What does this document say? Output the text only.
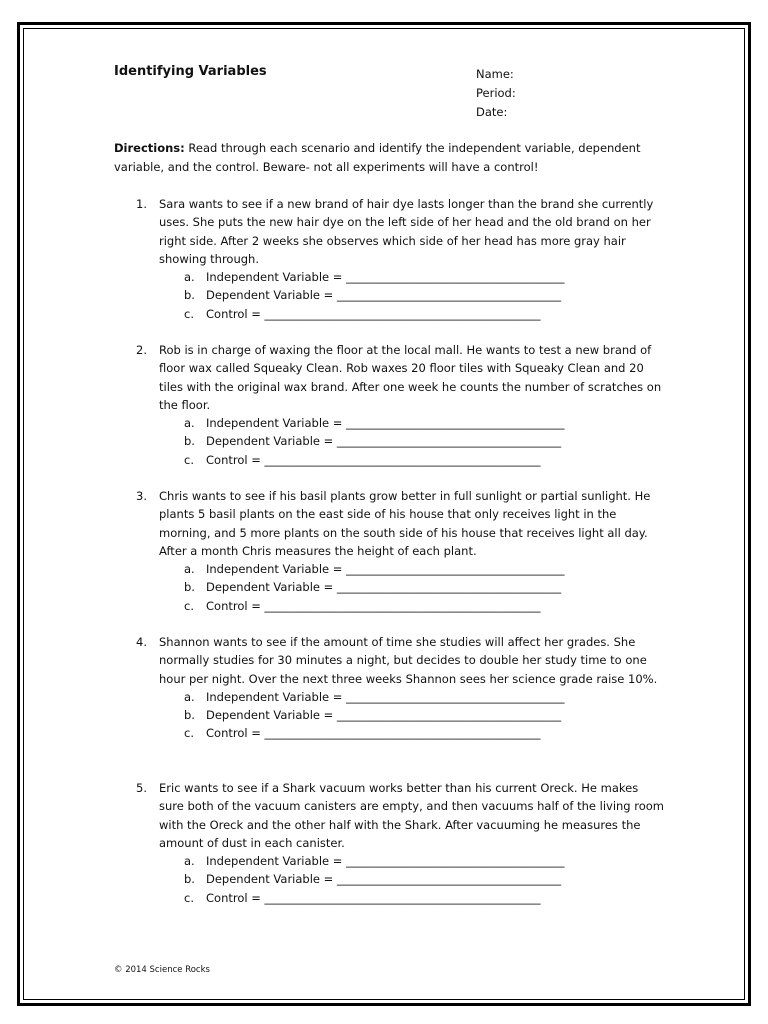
Identifying Variables	Name:
Period:
Date:
Directions: Read through each scenario and identify the independent variable, dependent variable, and the control. Beware- not all experiments will have a control!
1.	Sara wants to see if a new brand of hair dye lasts longer than the brand she currently uses. She puts the new hair dye on the left side of her head and the old brand on her right side. After 2 weeks she observes which side of her head has more gray hair showing through.
a. Independent Variable = ______________________________________
b. Dependent Variable = _______________________________________
c. Control = ________________________________________________
2.	Rob is in charge of waxing the floor at the local mall. He wants to test a new brand of floor wax called Squeaky Clean. Rob waxes 20 floor tiles with Squeaky Clean and 20 tiles with the original wax brand. After one week he counts the number of scratches on the floor.
a. Independent Variable = ______________________________________
b. Dependent Variable = _______________________________________
c. Control = ________________________________________________
3.	Chris wants to see if his basil plants grow better in full sunlight or partial sunlight. He plants 5 basil plants on the east side of his house that only receives light in the morning, and 5 more plants on the south side of his house that receives light all day. After a month Chris measures the height of each plant.
a. Independent Variable = ______________________________________
b. Dependent Variable = _______________________________________
c. Control = ________________________________________________
4.	Shannon wants to see if the amount of time she studies will affect her grades. She normally studies for 30 minutes a night, but decides to double her study time to one hour per night. Over the next three weeks Shannon sees her science grade raise 10%.
a. Independent Variable = ______________________________________
b. Dependent Variable = _______________________________________
c. Control = ________________________________________________
5.	Eric wants to see if a Shark vacuum works better than his current Oreck. He makes sure both of the vacuum canisters are empty, and then vacuums half of the living room with the Oreck and the other half with the Shark. After vacuuming he measures the amount of dust in each canister.
a. Independent Variable = ______________________________________
b. Dependent Variable = _______________________________________
c. Control = ________________________________________________
© 2014 Science Rocks
